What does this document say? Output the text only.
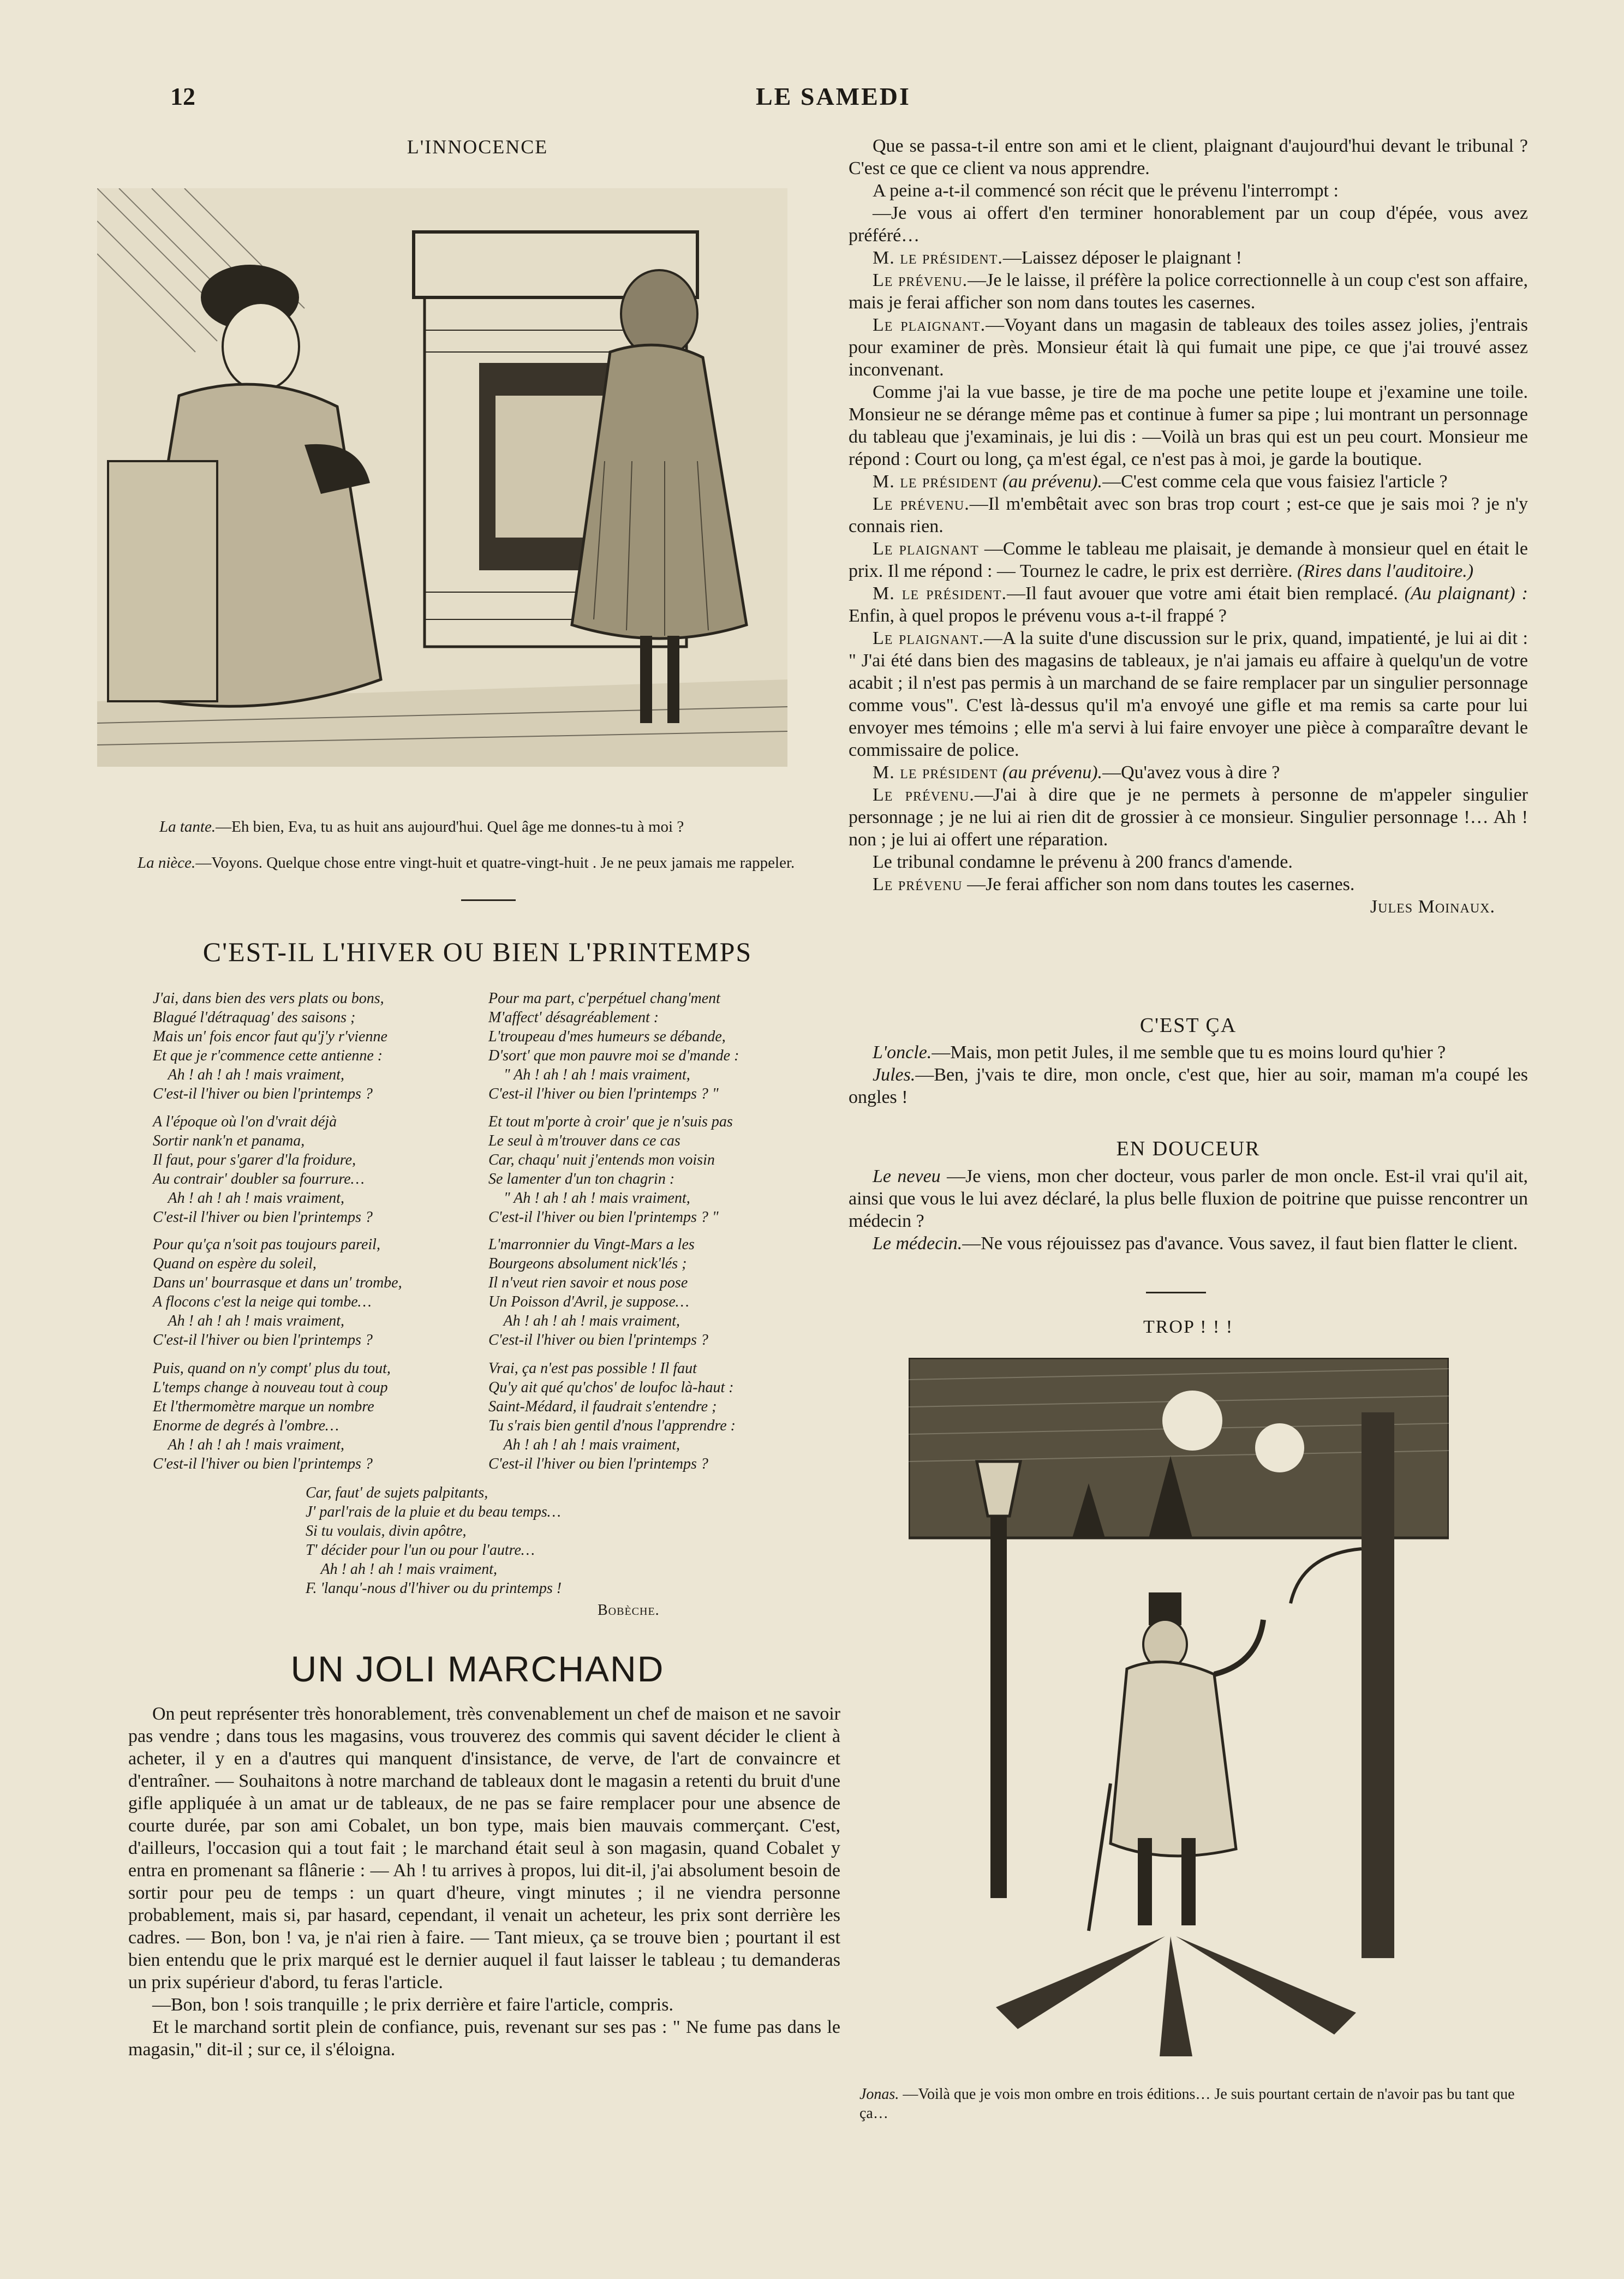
12	LE SAMEDI
L'INNOCENCE
La tante.—Eh bien, Eva, tu as huit ans aujourd'hui. Quel âge me donnes-tu à moi ?
La nièce.—Voyons. Quelque chose entre vingt-huit et quatre-vingt-huit . Je ne peux jamais me rappeler.
C'EST-IL L'HIVER OU BIEN L'PRINTEMPS
J'ai, dans bien des vers plats ou bons,
Blagué l'détraquag' des saisons ;
Mais un' fois encor faut qu'j'y r'vienne
Et que je r'commence cette antienne :
Ah ! ah ! ah ! mais vraiment,
C'est-il l'hiver ou bien l'printemps ?
A l'époque où l'on d'vrait déjà
Sortir nank'n et panama,
Il faut, pour s'garer d'la froidure,
Au contrair' doubler sa fourrure…
Ah ! ah ! ah ! mais vraiment,
C'est-il l'hiver ou bien l'printemps ?
Pour qu'ça n'soit pas toujours pareil,
Quand on espère du soleil,
Dans un' bourrasque et dans un' trombe,
A flocons c'est la neige qui tombe…
Ah ! ah ! ah ! mais vraiment,
C'est-il l'hiver ou bien l'printemps ?
Puis, quand on n'y compt' plus du tout,
L'temps change à nouveau tout à coup
Et l'thermomètre marque un nombre
Enorme de degrés à l'ombre…
Ah ! ah ! ah ! mais vraiment,
C'est-il l'hiver ou bien l'printemps ?
Pour ma part, c'perpétuel chang'ment
M'affect' désagréablement :
L'troupeau d'mes humeurs se débande,
D'sort' que mon pauvre moi se d'mande :
" Ah ! ah ! ah ! mais vraiment,
C'est-il l'hiver ou bien l'printemps ? "
Et tout m'porte à croir' que je n'suis pas
Le seul à m'trouver dans ce cas
Car, chaqu' nuit j'entends mon voisin
Se lamenter d'un ton chagrin :
" Ah ! ah ! ah ! mais vraiment,
C'est-il l'hiver ou bien l'printemps ? "
L'marronnier du Vingt-Mars a les
Bourgeons absolument nick'lés ;
Il n'veut rien savoir et nous pose
Un Poisson d'Avril, je suppose…
Ah ! ah ! ah ! mais vraiment,
C'est-il l'hiver ou bien l'printemps ?
Vrai, ça n'est pas possible ! Il faut
Qu'y ait qué qu'chos' de loufoc là-haut :
Saint-Médard, il faudrait s'entendre ;
Tu s'rais bien gentil d'nous l'apprendre :
Ah ! ah ! ah ! mais vraiment,
C'est-il l'hiver ou bien l'printemps ?
Car, faut' de sujets palpitants,
J' parl'rais de la pluie et du beau temps…
Si tu voulais, divin apôtre,
T' décider pour l'un ou pour l'autre…
Ah ! ah ! ah ! mais vraiment,
F. 'lanqu'-nous d'l'hiver ou du printemps !
Bobèche.
UN JOLI MARCHAND

On peut représenter très honorablement, très convenablement un chef de maison et ne savoir pas vendre ; dans tous les magasins, vous trouverez des commis qui savent décider le client à acheter, il y en a d'autres qui manquent d'insistance, de verve, de l'art de convaincre et d'entraîner. — Souhaitons à notre marchand de tableaux dont le magasin a retenti du bruit d'une gifle appliquée à un amat ur de tableaux, de ne pas se faire remplacer pour une absence de courte durée, par son ami Cobalet, un bon type, mais bien mauvais commerçant. C'est, d'ailleurs, l'occasion qui a tout fait ; le marchand était seul à son magasin, quand Cobalet y entra en promenant sa flânerie : — Ah ! tu arrives à propos, lui dit-il, j'ai absolument besoin de sortir pour peu de temps : un quart d'heure, vingt minutes ; il ne viendra personne probablement, mais si, par hasard, cependant, il venait un acheteur, les prix sont derrière les cadres. — Bon, bon ! va, je n'ai rien à faire. — Tant mieux, ça se trouve bien ; pourtant il est bien entendu que le prix marqué est le dernier auquel il faut laisser le tableau ; tu demanderas un prix supérieur d'abord, tu feras l'article.

—Bon, bon ! sois tranquille ; le prix derrière et faire l'article, compris.

Et le marchand sortit plein de confiance, puis, revenant sur ses pas : " Ne fume pas dans le magasin," dit-il ; sur ce, il s'éloigna.

Que se passa-t-il entre son ami et le client, plaignant d'aujourd'hui devant le tribunal ? C'est ce que ce client va nous apprendre.

A peine a-t-il commencé son récit que le prévenu l'interrompt :

—Je vous ai offert d'en terminer honorablement par un coup d'épée, vous avez préféré…

M. le président.—Laissez déposer le plaignant !

Le prévenu.—Je le laisse, il préfère la police correctionnelle à un coup c'est son affaire, mais je ferai afficher son nom dans toutes les casernes.

Le plaignant.—Voyant dans un magasin de tableaux des toiles assez jolies, j'entrais pour examiner de près. Monsieur était là qui fumait une pipe, ce que j'ai trouvé assez inconvenant.

Comme j'ai la vue basse, je tire de ma poche une petite loupe et j'examine une toile. Monsieur ne se dérange même pas et continue à fumer sa pipe ; lui montrant un personnage du tableau que j'examinais, je lui dis : —Voilà un bras qui est un peu court. Monsieur me répond : Court ou long, ça m'est égal, ce n'est pas à moi, je garde la boutique.

M. le président (au prévenu).—C'est comme cela que vous faisiez l'article ?

Le prévenu.—Il m'embêtait avec son bras trop court ; est-ce que je sais moi ? je n'y connais rien.

Le plaignant —Comme le tableau me plaisait, je demande à monsieur quel en était le prix. Il me répond : — Tournez le cadre, le prix est derrière. (Rires dans l'auditoire.)

M. le président.—Il faut avouer que votre ami était bien remplacé. (Au plaignant) : Enfin, à quel propos le prévenu vous a-t-il frappé ?

Le plaignant.—A la suite d'une discussion sur le prix, quand, impatienté, je lui ai dit : " J'ai été dans bien des magasins de tableaux, je n'ai jamais eu affaire à quelqu'un de votre acabit ; il n'est pas permis à un marchand de se faire remplacer par un singulier personnage comme vous". C'est là-dessus qu'il m'a envoyé une gifle et ma remis sa carte pour lui envoyer mes témoins ; elle m'a servi à lui faire envoyer une pièce à comparaître devant le commissaire de police.

M. le président (au prévenu).—Qu'avez vous à dire ?

Le prévenu.—J'ai à dire que je ne permets à personne de m'appeler singulier personnage ; je ne lui ai rien dit de grossier à ce monsieur. Singulier personnage !… Ah ! non ; je lui ai offert une réparation.

Le tribunal condamne le prévenu à 200 francs d'amende.

Le prévenu —Je ferai afficher son nom dans toutes les casernes.

Jules Moinaux.

C'EST ÇA

L'oncle.—Mais, mon petit Jules, il me semble que tu es moins lourd qu'hier ?

Jules.—Ben, j'vais te dire, mon oncle, c'est que, hier au soir, maman m'a coupé les ongles !

EN DOUCEUR

Le neveu —Je viens, mon cher docteur, vous parler de mon oncle. Est-il vrai qu'il ait, ainsi que vous le lui avez déclaré, la plus belle fluxion de poitrine que puisse rencontrer un médecin ?

Le médecin.—Ne vous réjouissez pas d'avance. Vous savez, il faut bien flatter le client.

TROP ! ! !
Jonas. —Voilà que je vois mon ombre en trois éditions… Je suis pourtant certain de n'avoir pas bu tant que ça…
